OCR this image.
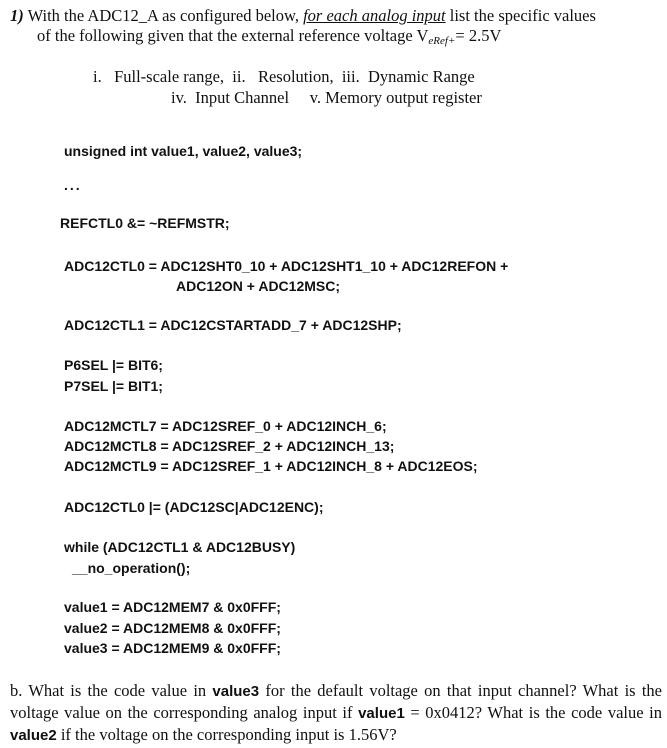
1) With the ADC12_A as configured below, for each analog input list the specific values
of the following given that the external reference voltage $V_{eRef+}= 2.5V$
i.   Full-scale range,  ii.   Resolution,  iii.  Dynamic Range
iv.  Input Channel     v. Memory output register
unsigned int value1, value2, value3;
...
REFCTL0 &= ~REFMSTR;
ADC12CTL0 = ADC12SHT0_10 + ADC12SHT1_10 + ADC12REFON +
ADC12ON + ADC12MSC;
ADC12CTL1 = ADC12CSTARTADD_7 + ADC12SHP;
P6SEL |= BIT6;
P7SEL |= BIT1;
ADC12MCTL7 = ADC12SREF_0 + ADC12INCH_6;
ADC12MCTL8 = ADC12SREF_2 + ADC12INCH_13;
ADC12MCTL9 = ADC12SREF_1 + ADC12INCH_8 + ADC12EOS;
ADC12CTL0 |= (ADC12SC|ADC12ENC);
while (ADC12CTL1 & ADC12BUSY)
__no_operation();
value1 = ADC12MEM7 & 0x0FFF;
value2 = ADC12MEM8 & 0x0FFF;
value3 = ADC12MEM9 & 0x0FFF;
b. What is the code value in value3 for the default voltage on that input channel? What is the voltage value on the corresponding analog input if value1 = 0x0412? What is the code value in value2 if the voltage on the corresponding input is 1.56V?
